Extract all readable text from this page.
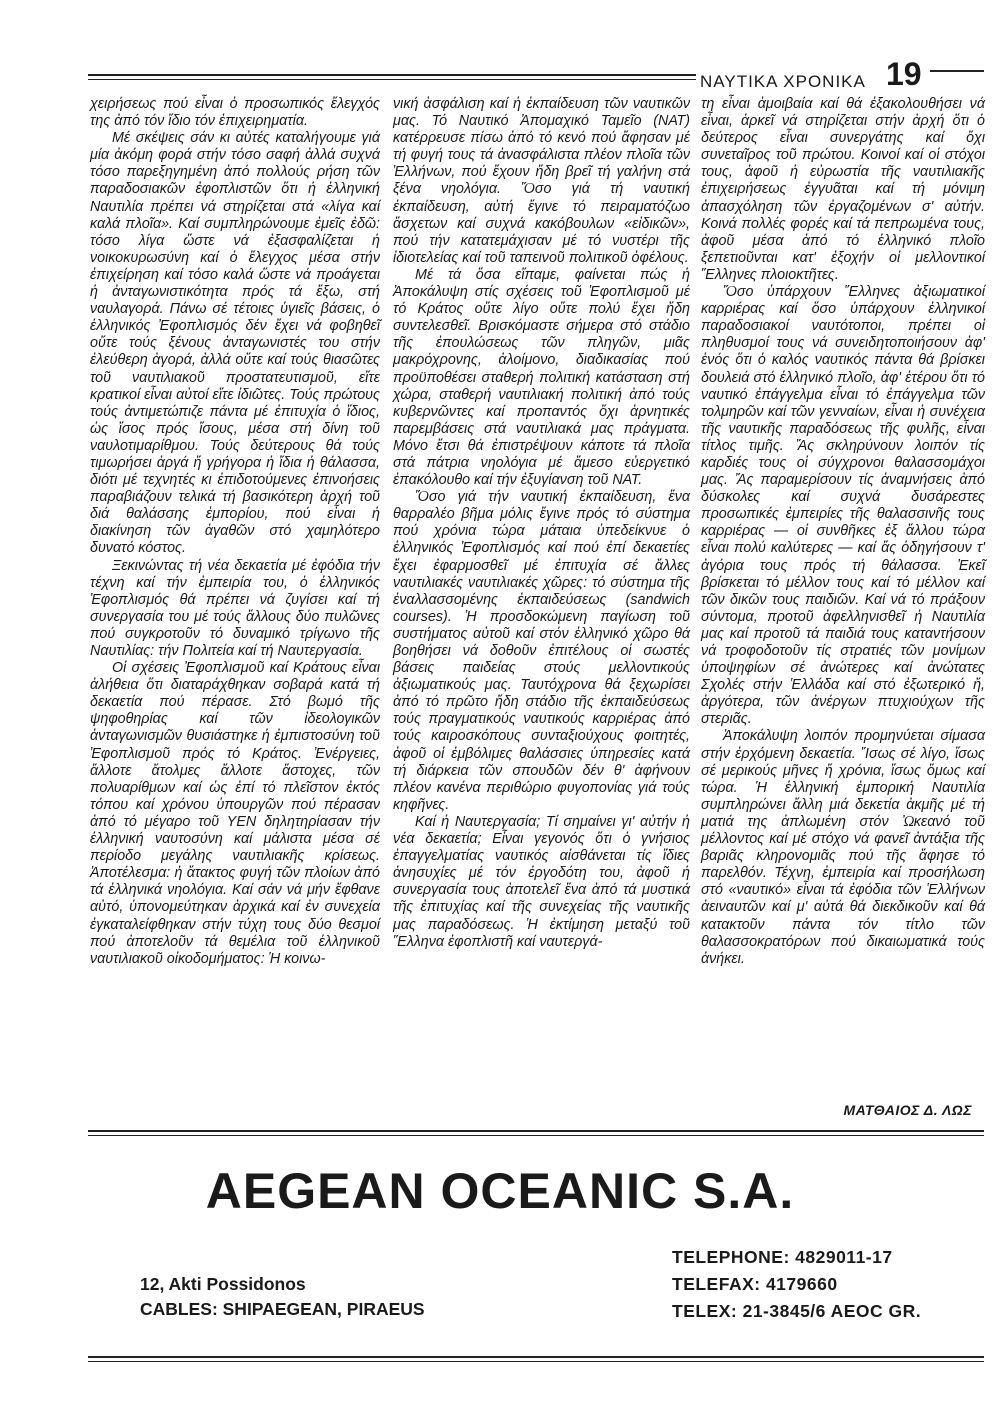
ΝΑΥΤΙΚΑ ΧΡΟΝΙΚΑ 19

χειρήσεως πού εἶναι ὁ προσωπικός ἔλεγχός της ἀπό τόν ἴδιο τόν ἐπιχειρηματία.

Μέ σκέψεις σάν κι αὐτές καταλήγουμε γιά μία ἀκόμη φορά στήν τόσο σαφή ἀλλά συχνά τόσο παρεξηγημένη ἀπό πολλούς ρήση τῶν παραδοσιακῶν ἐφοπλιστῶν ὅτι ἡ ἑλληνική Ναυτιλία πρέπει νά στηρίζεται στά «λίγα καί καλά πλοῖα». Καί συμπληρώνουμε ἐμεῖς ἐδῶ: τόσο λίγα ὥστε νά ἐξασφαλίζεται ἡ νοικοκυρωσύνη καί ὁ ἔλεγχος μέσα στήν ἐπιχείρηση καί τόσο καλά ὥστε νά προάγεται ἡ ἀνταγωνιστικότητα πρός τά ἔξω, στή ναυλαγορά. Πάνω σέ τέτοιες ὑγιεῖς βάσεις, ὁ ἑλληνικός Ἐφοπλισμός δέν ἔχει νά φοβηθεῖ οὔτε τούς ξένους ἀνταγωνιστές του στήν ἐλεύθερη ἀγορά, ἀλλά οὔτε καί τούς θιασῶτες τοῦ ναυτιλιακοῦ προστατευτισμοῦ, εἴτε κρατικοί εἶναι αὐτοί εἴτε ἰδιῶτες. Τούς πρώτους τούς ἀντιμετώπιζε πάντα μέ ἐπιτυχία ὁ ἴδιος, ὡς ἴσος πρός ἴσους, μέσα στή δίνη τοῦ ναυλοτιμαρίθμου. Τούς δεύτερους θά τούς τιμωρήσει ἀργά ἤ γρήγορα ἡ ἴδια ἡ θάλασσα, διότι μέ τεχνητές κι ἐπιδοτούμενες ἐπινοήσεις παραβιάζουν τελικά τή βασικότερη ἀρχή τοῦ διά θαλάσσης ἐμπορίου, πού εἶναι ἡ διακίνηση τῶν ἀγαθῶν στό χαμηλότερο δυνατό κόστος.

Ξεκινώντας τή νέα δεκαετία μέ ἐφόδια τήν τέχνη καί τήν ἐμπειρία του, ὁ ἑλληνικός Ἐφοπλισμός θά πρέπει νά ζυγίσει καί τή συνεργασία του μέ τούς ἄλλους δύο πυλῶνες πού συγκροτοῦν τό δυναμικό τρίγωνο τῆς Ναυτιλίας: τήν Πολιτεία καί τή Ναυτεργασία.

Οἱ σχέσεις Ἐφοπλισμοῦ καί Κράτους εἶναι ἀλήθεια ὅτι διαταράχθηκαν σοβαρά κατά τή δεκαετία πού πέρασε. Στό βωμό τῆς ψηφοθηρίας καί τῶν ἰδεολογικῶν ἀνταγωνισμῶν θυσιάστηκε ἡ ἐμπιστοσύνη τοῦ Ἐφοπλισμοῦ πρός τό Κράτος. Ἐνέργειες, ἄλλοτε ἄτολμες ἄλλοτε ἄστοχες, τῶν πολυαρίθμων καί ὡς ἐπί τό πλεῖστον ἐκτός τόπου καί χρόνου ὑπουργῶν πού πέρασαν ἀπό τό μέγαρο τοῦ ΥΕΝ δηλητηρίασαν τήν ἑλληνική ναυτοσύνη καί μάλιστα μέσα σέ περίοδο μεγάλης ναυτιλιακῆς κρίσεως. Ἀποτέλεσμα: ἡ ἄτακτος φυγή τῶν πλοίων ἀπό τά ἑλληνικά νηολόγια. Καί σάν νά μήν ἔφθανε αὐτό, ὑπονομεύτηκαν ἀρχικά καί ἐν συνεχεία ἐγκαταλείφθηκαν στήν τύχη τους δύο θεσμοί πού ἀποτελοῦν τά θεμέλια τοῦ ἑλληνικοῦ ναυτιλιακοῦ οἰκοδομήματος: Ἡ κοινω-

νική ἀσφάλιση καί ἡ ἐκπαίδευση τῶν ναυτικῶν μας. Τό Ναυτικό Ἀπομαχικό Ταμεῖο (ΝΑΤ) κατέρρευσε πίσω ἀπό τό κενό πού ἄφησαν μέ τή φυγή τους τά ἀνασφάλιστα πλέον πλοῖα τῶν Ἑλλήνων, πού ἔχουν ἤδη βρεῖ τή γαλήνη στά ξένα νηολόγια. Ὅσο γιά τή ναυτική ἐκπαίδευση, αὐτή ἔγινε τό πειραματόζωο ἄσχετων καί συχνά κακόβουλων «εἰδικῶν», πού τήν κατατεμάχισαν μέ τό νυστέρι τῆς ἰδιοτελείας καί τοῦ ταπεινοῦ πολιτικοῦ ὀφέλους.

Μέ τά ὅσα εἴπαμε, φαίνεται πώς ἡ Ἀποκάλυψη στίς σχέσεις τοῦ Ἐφοπλισμοῦ μέ τό Κράτος οὔτε λίγο οὔτε πολύ ἔχει ἤδη συντελεσθεῖ. Βρισκόμαστε σήμερα στό στάδιο τῆς ἐπουλώσεως τῶν πληγῶν, μιᾶς μακρόχρονης, ἀλοίμονο, διαδικασίας πού προϋποθέσει σταθερή πολιτική κατάσταση στή χώρα, σταθερή ναυτιλιακή πολιτική ἀπό τούς κυβερνῶντες καί προπαντός ὄχι ἀρνητικές παρεμβάσεις στά ναυτιλιακά μας πράγματα. Μόνο ἔτσι θά ἐπιστρέψουν κάποτε τά πλοῖα στά πάτρια νηολόγια μέ ἄμεσο εὐεργετικό ἐπακόλουθο καί τήν ἐξυγίανση τοῦ ΝΑΤ.

Ὅσο γιά τήν ναυτική ἐκπαίδευση, ἕνα θαρραλέο βῆμα μόλις ἔγινε πρός τό σύστημα πού χρόνια τώρα μάταια ὑπεδείκνυε ὁ ἑλληνικός Ἐφοπλισμός καί πού ἐπί δεκαετίες ἔχει ἐφαρμοσθεῖ μέ ἐπιτυχία σέ ἄλλες ναυτιλιακές ναυτιλιακές χῶρες: τό σύστημα τῆς ἐναλλασσομένης ἐκπαιδεύσεως (sandwich courses). Ἡ προσδοκώμενη παγίωση τοῦ συστήματος αὐτοῦ καί στόν ἑλληνικό χῶρο θά βοηθήσει νά δοθοῦν ἐπιτέλους οἱ σωστές βάσεις παιδείας στούς μελλοντικούς ἀξιωματικούς μας. Ταυτόχρονα θά ξεχωρίσει ἀπό τό πρῶτο ἤδη στάδιο τῆς ἐκπαιδεύσεως τούς πραγματικούς ναυτικούς καρριέρας ἀπό τούς καιροσκόπους συνταξιούχους φοιτητές, ἀφοῦ οἱ ἐμβόλιμες θαλάσσιες ὑπηρεσίες κατά τή διάρκεια τῶν σπουδῶν δέν θ' ἀφήνουν πλέον κανένα περιθώριο φυγοπονίας γιά τούς κηφῆνες.

Καί ἡ Ναυτεργασία; Τί σημαίνει γι' αὐτήν ἡ νέα δεκαετία; Εἶναι γεγονός ὅτι ὁ γνήσιος ἐπαγγελματίας ναυτικός αἰσθάνεται τίς ἴδιες ἀνησυχίες μέ τόν ἐργοδότη του, ἀφοῦ ἡ συνεργασία τους ἀποτελεῖ ἕνα ἀπό τά μυστικά τῆς ἐπιτυχίας καί τῆς συνεχείας τῆς ναυτικῆς μας παραδόσεως. Ἡ ἐκτίμηση μεταξύ τοῦ Ἕλληνα ἐφοπλιστῆ καί ναυτεργά-

τη εἶναι ἀμοιβαία καί θά ἐξακολουθήσει νά εἶναι, ἀρκεῖ νά στηρίζεται στήν ἀρχή ὅτι ὁ δεύτερος εἶναι συνεργάτης καί ὄχι συνεταῖρος τοῦ πρώτου. Κοινοί καί οἱ στόχοι τους, ἀφοῦ ἡ εὐρωστία τῆς ναυτιλιακῆς ἐπιχειρήσεως ἐγγυᾶται καί τή μόνιμη ἀπασχόληση τῶν ἐργαζομένων σ' αὐτήν. Κοινά πολλές φορές καί τά πεπρωμένα τους, ἀφοῦ μέσα ἀπό τό ἑλληνικό πλοῖο ξεπετιοῦνται κατ' ἐξοχήν οἱ μελλοντικοί Ἕλληνες πλοιοκτῆτες.

Ὅσο ὑπάρχουν Ἕλληνες ἀξιωματικοί καρριέρας καί ὅσο ὑπάρχουν ἑλληνικοί παραδοσιακοί ναυτότοποι, πρέπει οἱ πληθυσμοί τους νά συνειδητοποιήσουν ἀφ' ἑνός ὅτι ὁ καλός ναυτικός πάντα θά βρίσκει δουλειά στό ἑλληνικό πλοῖο, ἀφ' ἑτέρου ὅτι τό ναυτικό ἐπάγγελμα εἶναι τό ἐπάγγελμα τῶν τολμηρῶν καί τῶν γενναίων, εἶναι ἡ συνέχεια τῆς ναυτικῆς παραδόσεως τῆς φυλῆς, εἶναι τίτλος τιμῆς. Ἄς σκληρύνουν λοιπόν τίς καρδιές τους οἱ σύγχρονοι θαλασσομάχοι μας. Ἄς παραμερίσουν τίς ἀναμνήσεις ἀπό δύσκολες καί συχνά δυσάρεστες προσωπικές ἐμπειρίες τῆς θαλασσινῆς τους καρριέρας — οἱ συνθῆκες ἐξ ἄλλου τώρα εἶναι πολύ καλύτερες — καί ἄς ὁδηγήσουν τ' ἀγόρια τους πρός τή θάλασσα. Ἐκεῖ βρίσκεται τό μέλλον τους καί τό μέλλον καί τῶν δικῶν τους παιδιῶν. Καί νά τό πράξουν σύντομα, προτοῦ ἀφελληνισθεῖ ἡ Ναυτιλία μας καί προτοῦ τά παιδιά τους καταντήσουν νά τροφοδοτοῦν τίς στρατιές τῶν μονίμων ὑποψηφίων σέ ἀνώτερες καί ἀνώτατες Σχολές στήν Ἑλλάδα καί στό ἐξωτερικό ἤ, ἀργότερα, τῶν ἀνέργων πτυχιούχων τῆς στεριᾶς.

Ἀποκάλυψη λοιπόν προμηνύεται σίμασα στήν ἐρχόμενη δεκαετία. Ἴσως σέ λίγο, ἴσως σέ μερικούς μῆνες ἤ χρόνια, ἴσως ὅμως καί τώρα. Ἡ ἑλληνική ἐμπορική Ναυτιλία συμπληρώνει ἄλλη μιά δεκετία ἀκμῆς μέ τή ματιά της ἀπλωμένη στόν Ὠκεανό τοῦ μέλλοντος καί μέ στόχο νά φανεῖ ἀντάξια τῆς βαριᾶς κληρονομιᾶς πού τῆς ἄφησε τό παρελθόν. Τέχνη, ἐμπειρία καί προσήλωση στό «ναυτικό» εἶναι τά ἐφόδια τῶν Ἑλλήνων ἀειναυτῶν καί μ' αὐτά θά διεκδικοῦν καί θά κατακτοῦν πάντα τόν τίτλο τῶν θαλασσοκρατόρων πού δικαιωματικά τούς ἀνήκει.

ΜΑΤΘΑΙΟΣ Δ. ΛΩΣ
AEGEAN OCEANIC S.A.
12, Akti Possidonos
CABLES: SHIPAEGEAN, PIRAEUS
TELEPHONE: 4829011-17
TELEFAX: 4179660
TELEX: 21-3845/6 AEOC GR.
